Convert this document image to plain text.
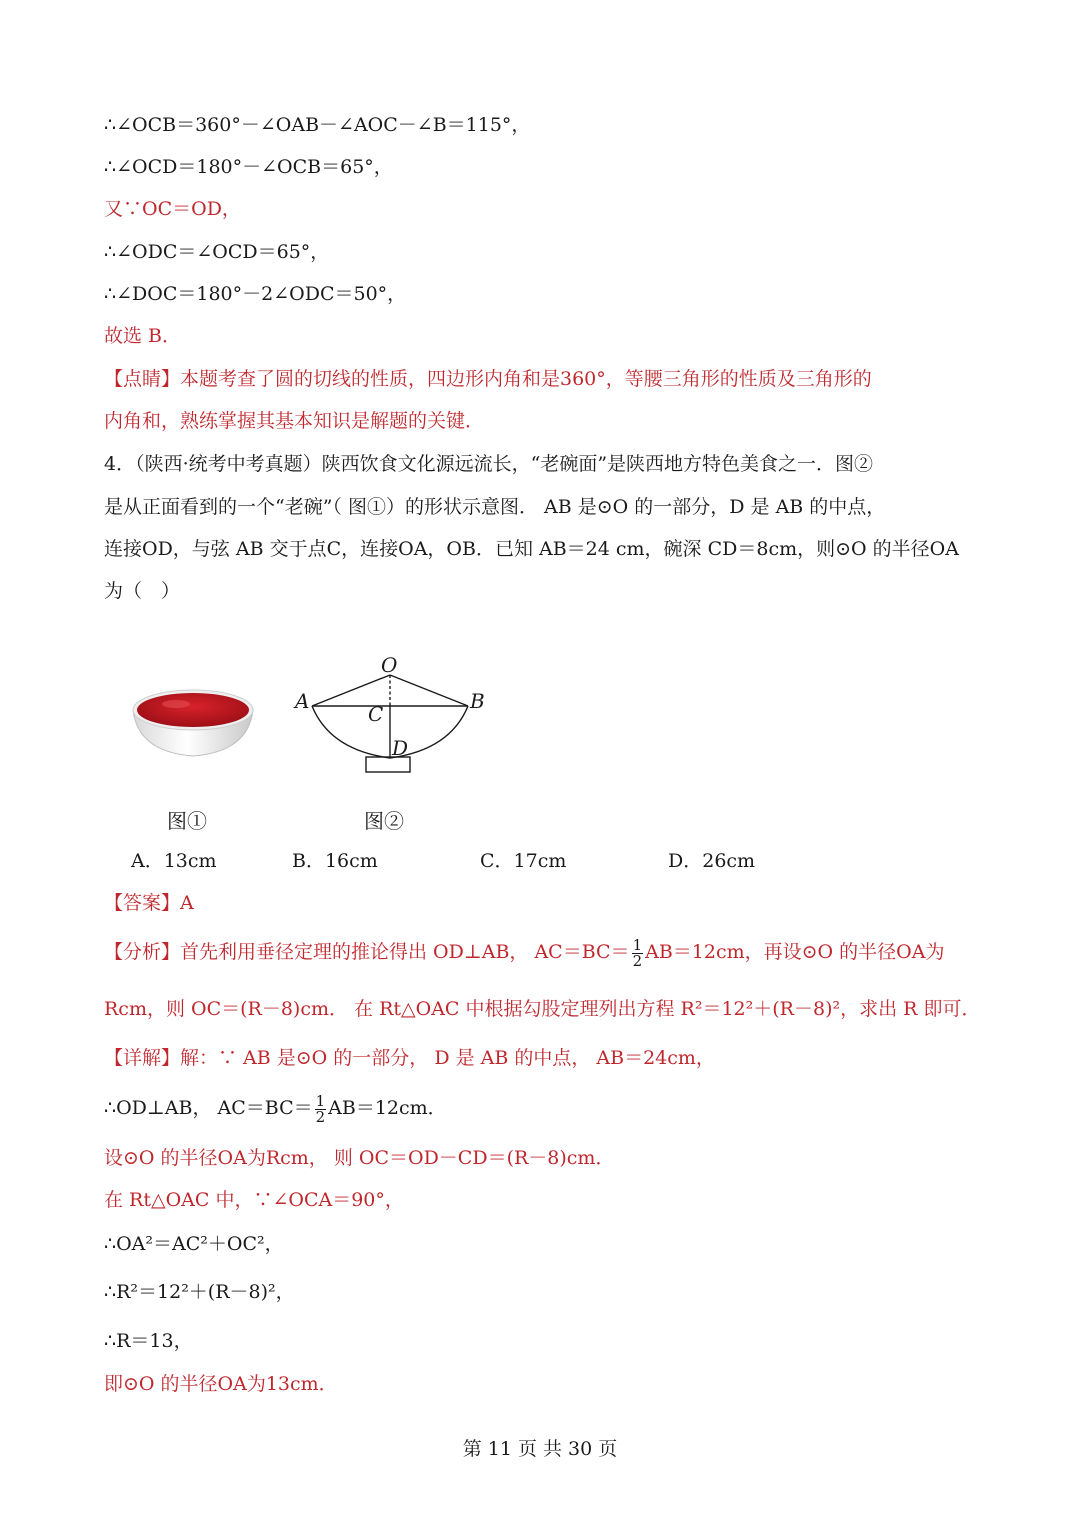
∴∠OCB＝360°－∠OAB－∠AOC－∠B＝115°，
∴∠OCD＝180°－∠OCB＝65°，
又∵OC＝OD，
∴∠ODC＝∠OCD＝65°，
∴∠DOC＝180°－2∠ODC＝50°，
故选 B．
【点睛】本题考查了圆的切线的性质，四边形内角和是360°，等腰三角形的性质及三角形的
内角和，熟练掌握其基本知识是解题的关键．
4．（陕西·统考中考真题）陕西饮食文化源远流长，“老碗面”是陕西地方特色美食之一．图②
是从正面看到的一个“老碗”（ 图①）的形状示意图． AB 是⊙O 的一部分，D 是 AB 的中点，
连接OD，与弦 AB 交于点C，连接OA，OB．已知 AB＝24 cm，碗深 CD＝8cm，则⊙O 的半径OA
为（　）
O
A	B
C
D
图①	图②
A．13cm	B．16cm	C．17cm	D．26cm
【答案】A
【分析】首先利用垂径定理的推论得出 OD⊥AB， $AC=BC= \frac{1}{2} AB=12cm$，再设⊙O 的半径OA为
Rcm，则 OC＝(R－8)cm． 在 Rt△OAC 中根据勾股定理列出方程 R²＝12²＋(R－8)²，求出 R 即可．
【详解】解：∵ AB 是⊙O 的一部分， D 是 AB 的中点， AB＝24cm，
∴OD⊥AB， $AC=BC= \frac{1}{2} AB=12cm$．
设⊙O 的半径OA为Rcm， 则 OC＝OD－CD＝(R－8)cm．
在 Rt△OAC 中，∵∠OCA＝90°，
∴OA²＝AC²＋OC²，
∴R²＝12²＋(R－8)²，
∴R＝13，
即⊙O 的半径OA为13cm．
第 11 页 共 30 页
